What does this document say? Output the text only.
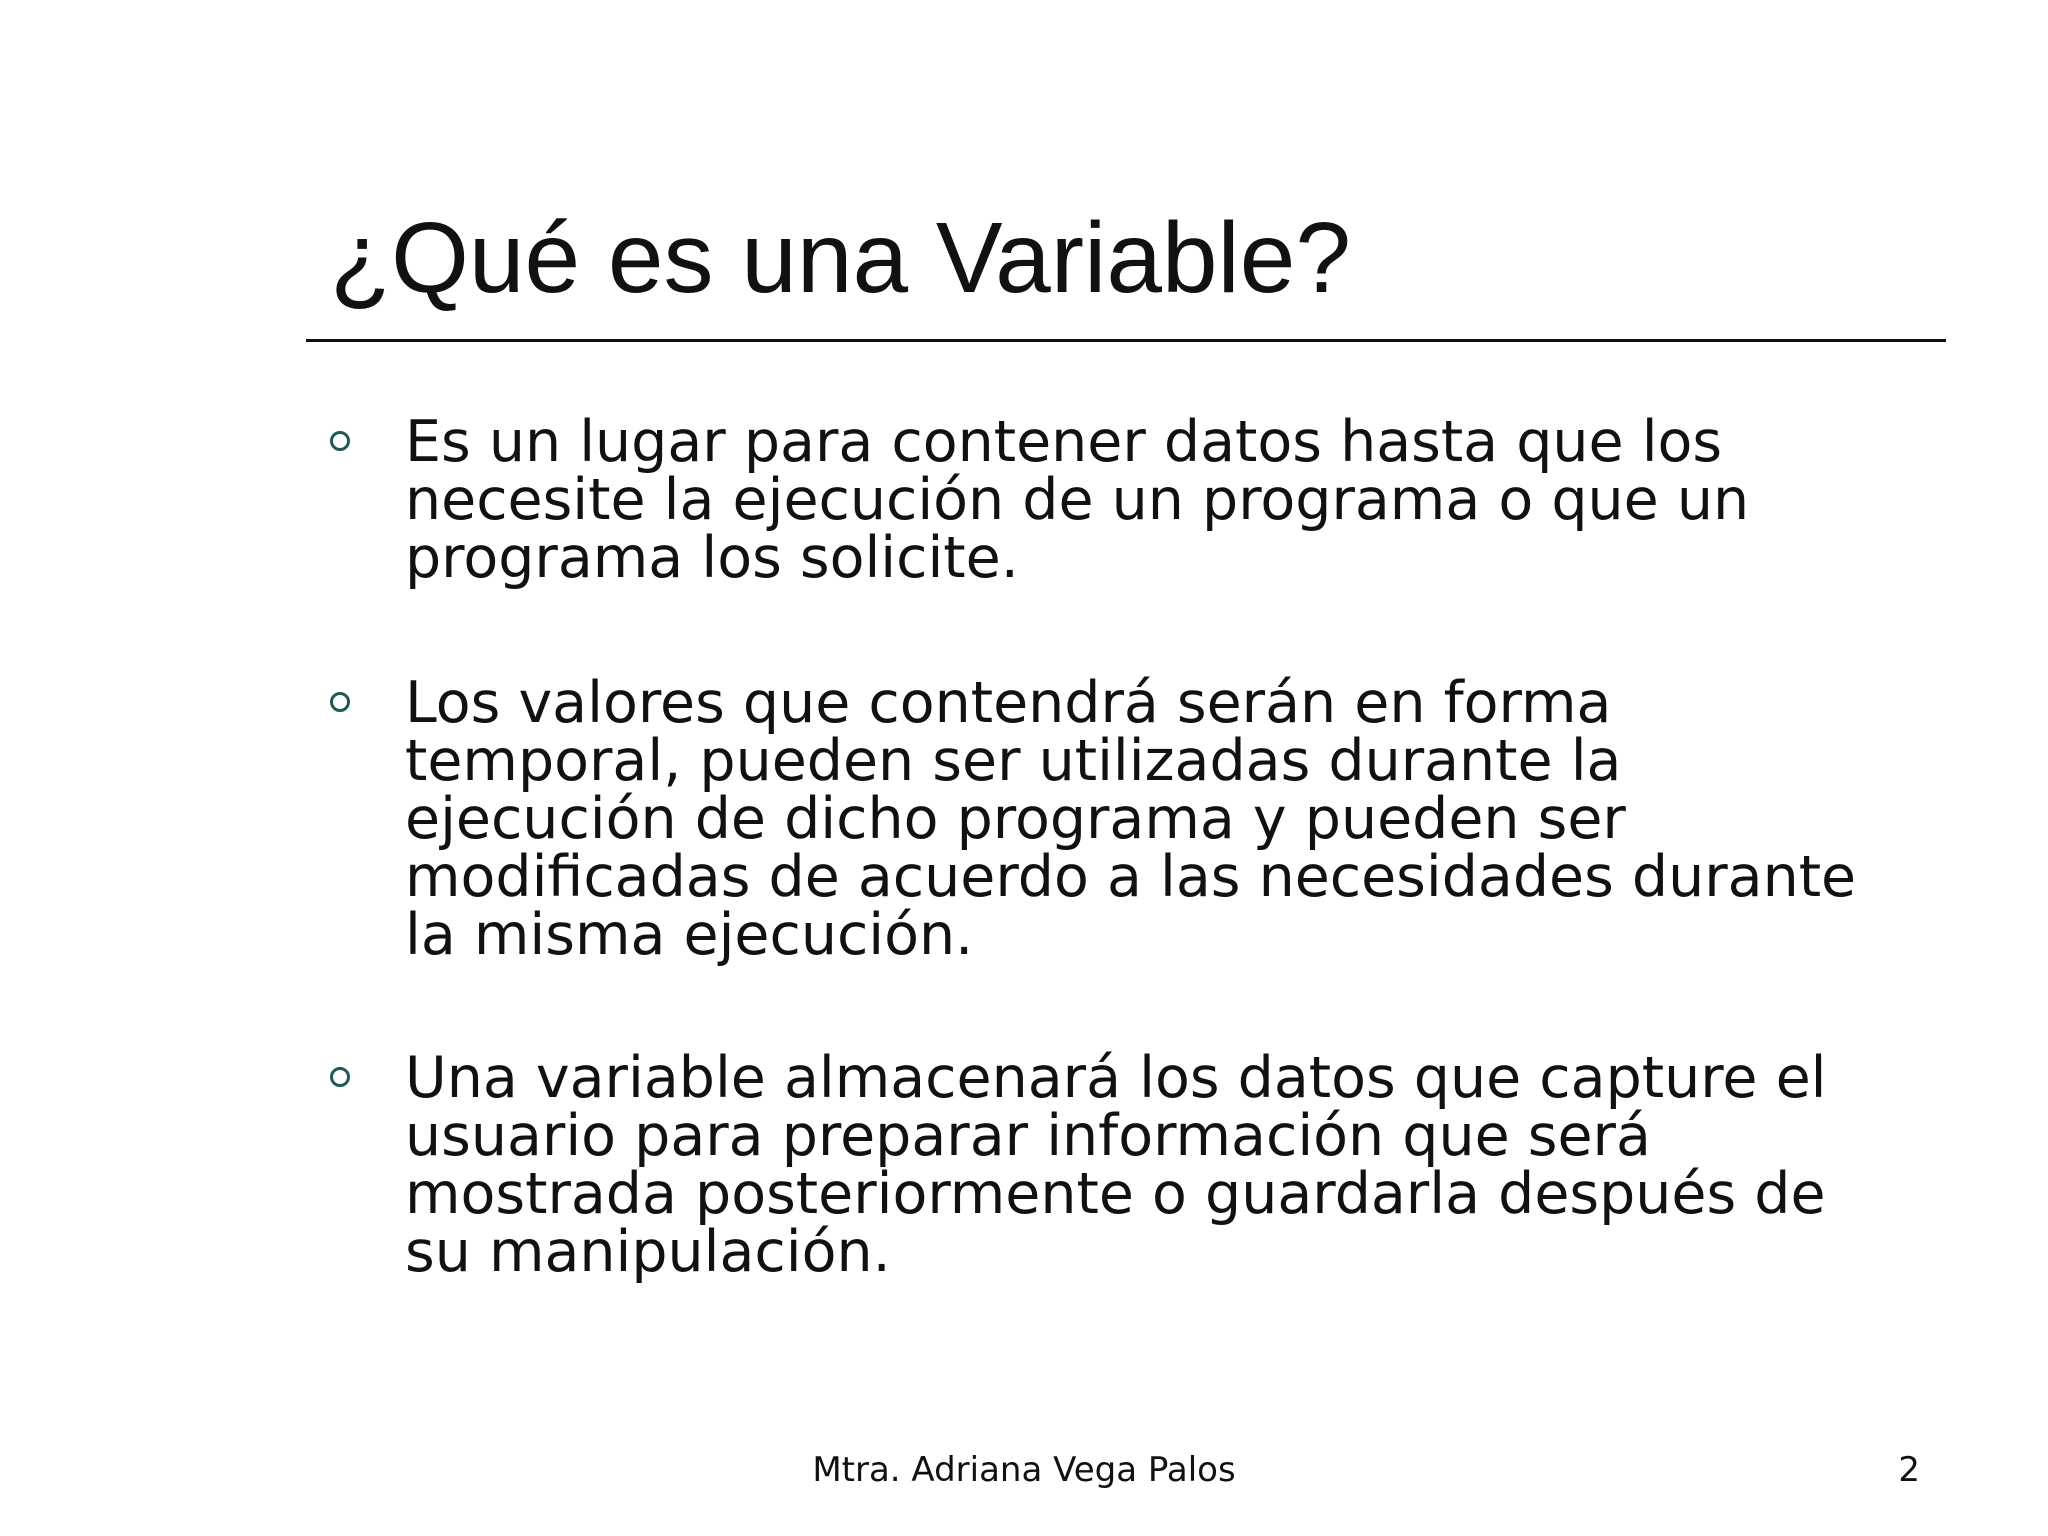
¿Qué es una Variable?
Es un lugar para contener datos hasta que los
necesite la ejecución de un programa o que un
programa los solicite.
Los valores que contendrá serán en forma
temporal, pueden ser utilizadas durante la
ejecución de dicho programa y pueden ser
modificadas de acuerdo a las necesidades durante
la misma ejecución.
Una variable almacenará los datos que capture el
usuario para preparar información que será
mostrada posteriormente o guardarla después de
su manipulación.
Mtra. Adriana Vega Palos	2
